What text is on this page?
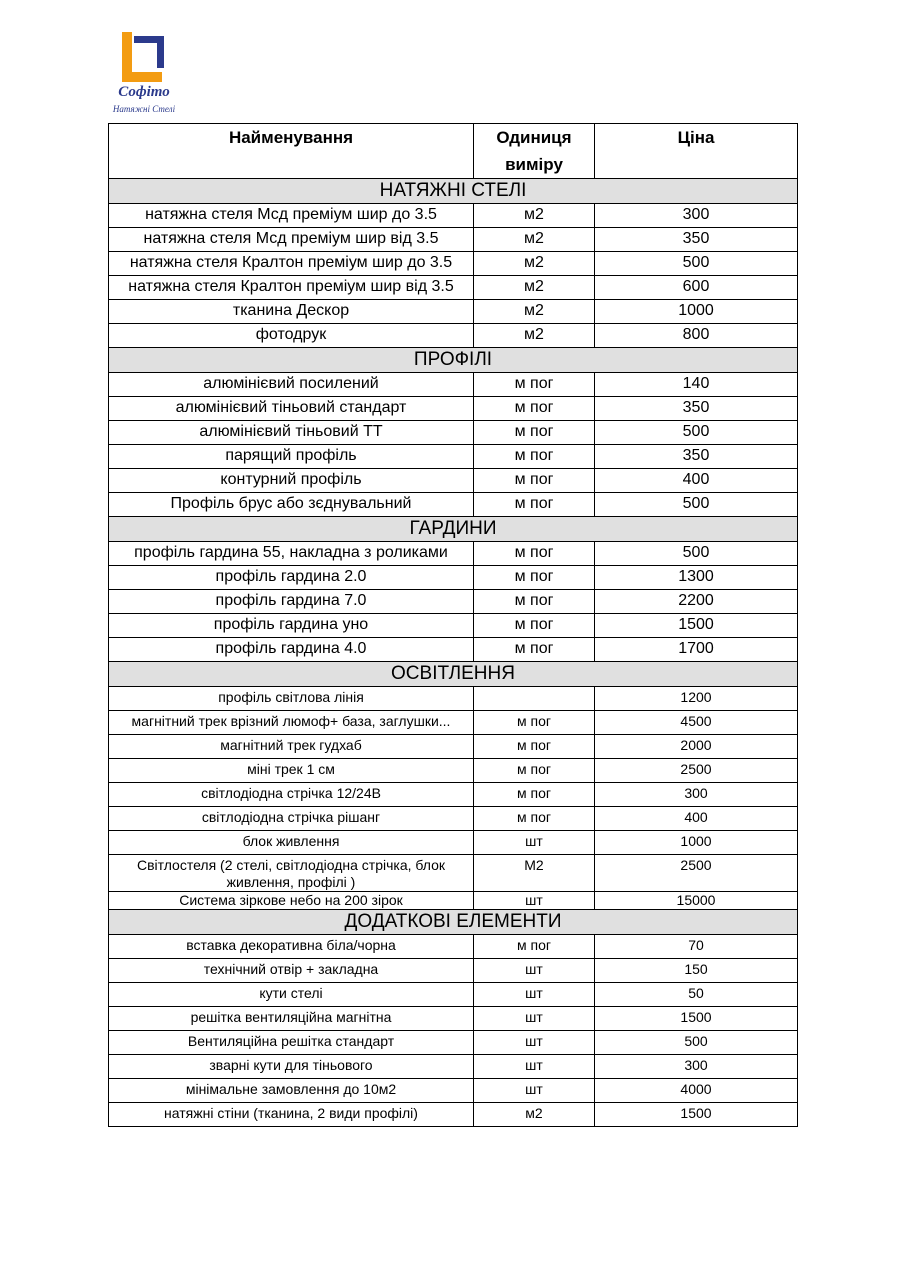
Софіто
Натяжні Стелі
Найменування	Одиниця виміру	Ціна
НАТЯЖНІ СТЕЛІ		
натяжна стеля Мсд преміум шир до 3.5	м2	300
натяжна стеля Мсд преміум шир від 3.5	м2	350
натяжна стеля Кралтон преміум шир до 3.5	м2	500
натяжна стеля Кралтон преміум шир від 3.5	м2	600
тканина Дескор	м2	1000
фотодрук	м2	800
ПРОФІЛІ		
алюмінієвий посилений	м пог	140
алюмінієвий тіньовий стандарт	м пог	350
алюмінієвий тіньовий ТТ	м пог	500
парящий профіль	м пог	350
контурний профіль	м пог	400
Профіль брус або зєднувальний	м пог	500
ГАРДИНИ		
профіль гардина 55, накладна з роликами	м пог	500
профіль гардина 2.0	м пог	1300
профіль гардина 7.0	м пог	2200
профіль гардина уно	м пог	1500
профіль гардина 4.0	м пог	1700
ОСВІТЛЕННЯ		
профіль світлова лінія		1200
магнітний трек врізний люмоф+ база, заглушки...	м пог	4500
магнітний трек гудхаб	м пог	2000
міні трек 1 см	м пог	2500
світлодіодна стрічка 12/24В	м пог	300
світлодіодна стрічка рішанг	м пог	400
блок живлення	шт	1000
Світлостеля (2 стелі, світлодіодна стрічка, блок живлення, профілі )	М2	2500
Система зіркове небо на 200 зірок	шт	15000
ДОДАТКОВІ ЕЛЕМЕНТИ		
вставка декоративна біла/чорна	м пог	70
технічний отвір + закладна	шт	150
кути стелі	шт	50
решітка вентиляційна магнітна	шт	1500
Вентиляційна решітка стандарт	шт	500
зварні кути для тіньового	шт	300
мінімальне замовлення до 10м2	шт	4000
натяжні стіни (тканина, 2 види профілі)	м2	1500
